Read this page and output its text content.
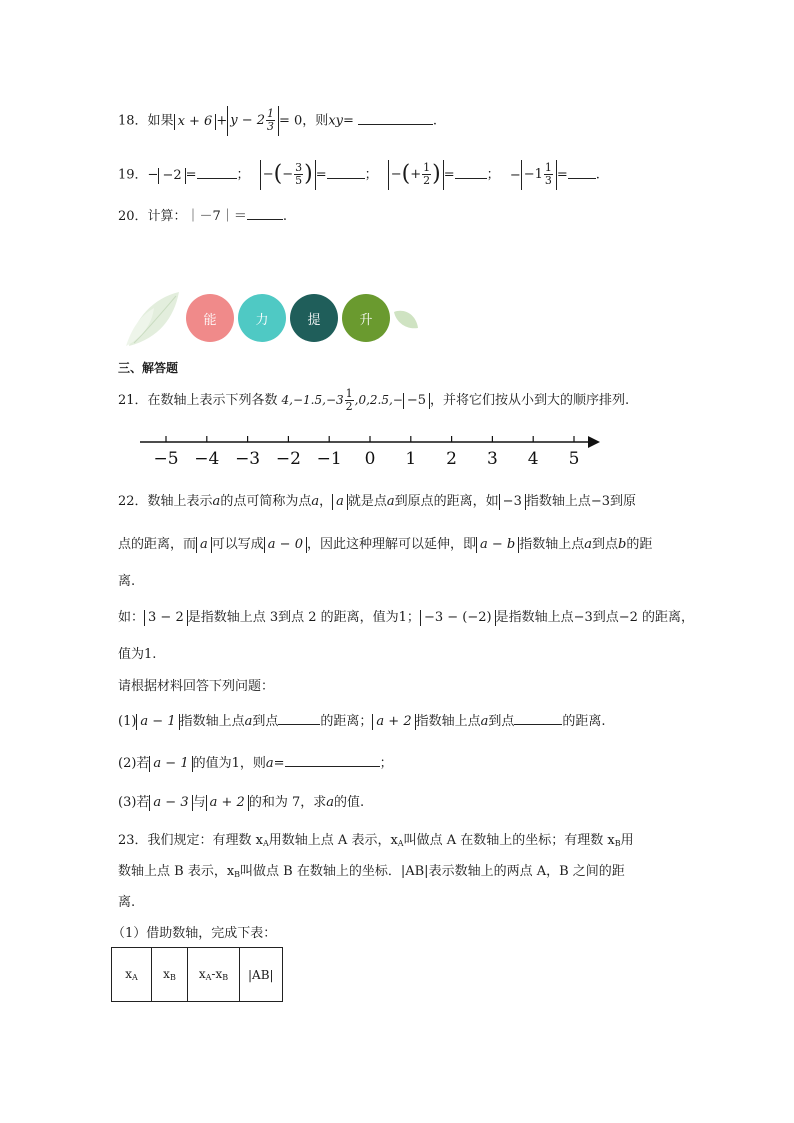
18．如果 $x + 6 + y - 2 \frac{1}{3} = 0$，则xy=	.
19．− −2 =	； −(− $\frac{3}{5}$ ) =	； −(+ $\frac{1}{2}$ ) = ； − $-1 \frac{1}{3}$ = .
20．计算：｜－7｜＝	.
能	力	提	升
三、解答题
21．在数轴上表示下列各数 $4,-1.5,-3 \frac{1}{2} ,0,2.5,- -5$ ，并将它们按从小到大的顺序排列.
−5 −4 −3 −2 −1 0 1 2 3 4 5
22．数轴上表示a的点可简称为点a， a 就是点a到原点的距离，如 −3 指数轴上点−3到原
点的距离，而 a 可以写成 a − 0 ，因此这种理解可以延伸，即 a − b 指数轴上点a到点b的距
离.
如： 3 − 2 是指数轴上点 3到点 2 的距离，值为1； −3 − (−2) 是指数轴上点−3到点−2 的距离，
值为1.
请根据材料回答下列问题：
(1) a − 1 指数轴上点a到点	的距离； a + 2 指数轴上点a到点	的距离.
(2)若 a − 1 的值为1，则a=	；
(3)若 a − 3 与 a + 2 的和为 7，求a的值.
23．我们规定：有理数 $x_A$用数轴上点 A 表示，$x_A$叫做点 A 在数轴上的坐标；有理数 $x_B$用
数轴上点 B 表示，$x_B$叫做点 B 在数轴上的坐标．|AB|表示数轴上的两点 A，B 之间的距
离.
（1）借助数轴，完成下表：
$x_A$	$x_B$	$x_A-x_B$	|AB|
